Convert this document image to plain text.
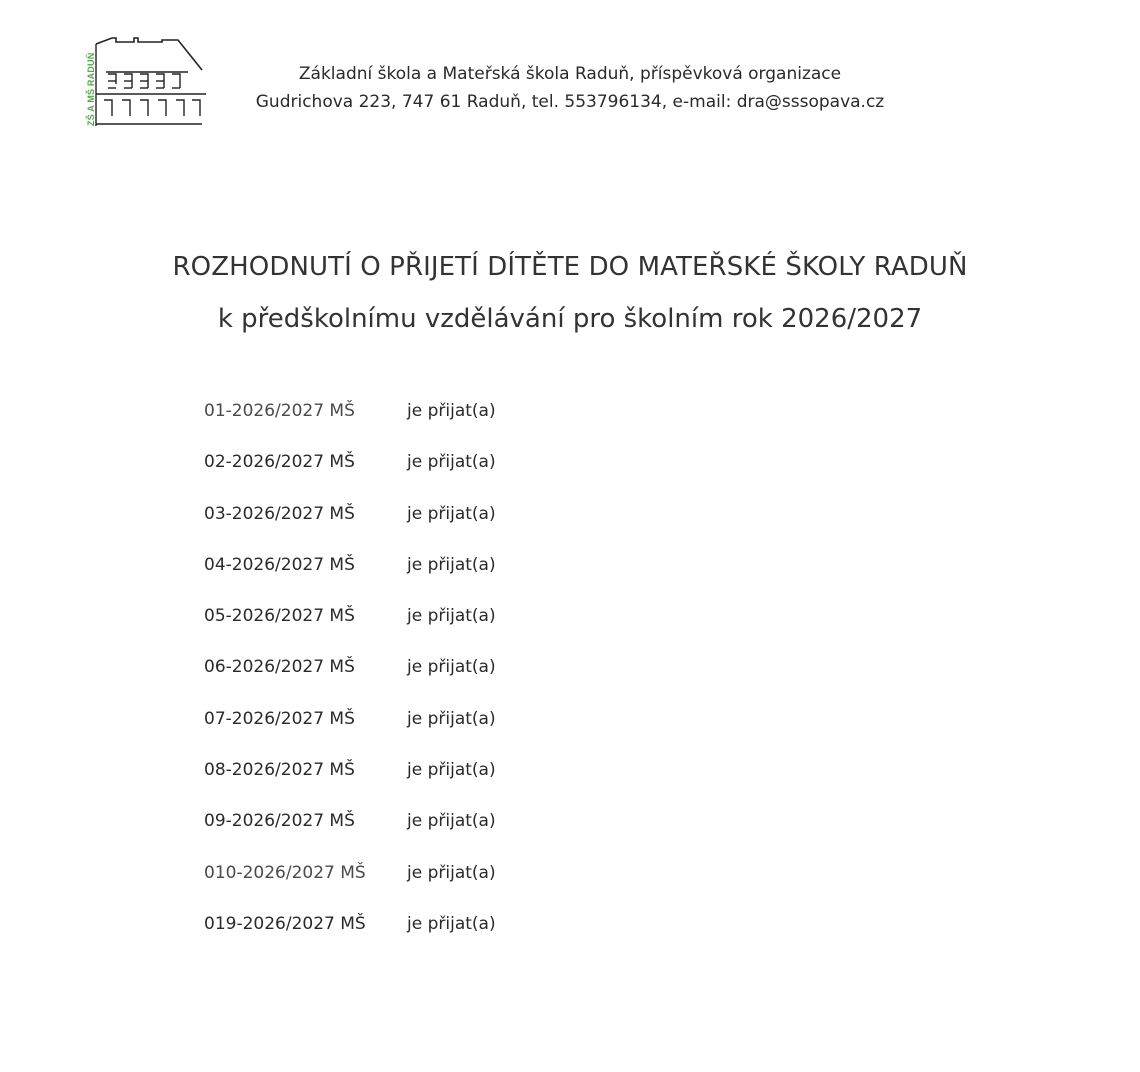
ZŠ A MŠ RADUŇ	Základní škola a Mateřská škola Raduň, příspěvková organizace
Gudrichova 223, 747 61 Raduň, tel. 553796134, e-mail: dra@sssopava.cz
ROZHODNUTÍ O PŘIJETÍ DÍTĚTE DO MATEŘSKÉ ŠKOLY RADUŇ
k předškolnímu vzdělávání pro školním rok 2026/2027
01-2026/2027 MŠ	je přijat(a)
02-2026/2027 MŠ	je přijat(a)
03-2026/2027 MŠ	je přijat(a)
04-2026/2027 MŠ	je přijat(a)
05-2026/2027 MŠ	je přijat(a)
06-2026/2027 MŠ	je přijat(a)
07-2026/2027 MŠ	je přijat(a)
08-2026/2027 MŠ	je přijat(a)
09-2026/2027 MŠ	je přijat(a)
010-2026/2027 MŠ	je přijat(a)
019-2026/2027 MŠ	je přijat(a)
